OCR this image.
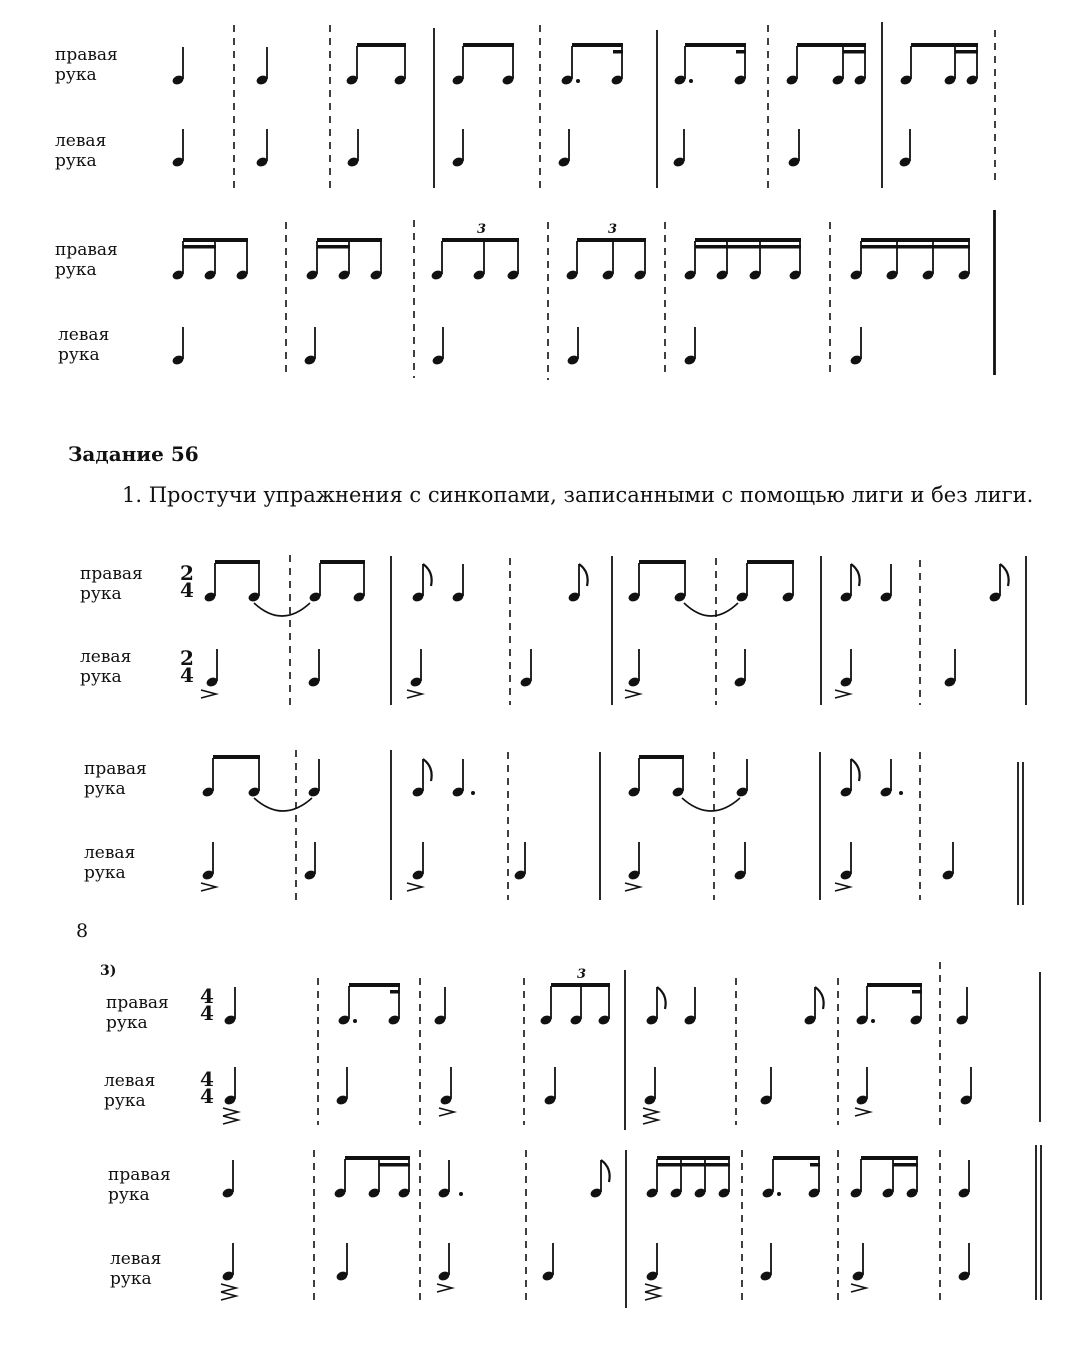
правая
рука
левая
рука
правая
рука
левая
рука
Задание 56
1. Простучи упражнения с синкопами, записанными с помощью лиги и без лиги.
правая
рука
левая
рука
правая
рука
левая
рука
8
3)
правая
рука
левая
рука
правая
рука
левая
рука
3	3
2
4
2
4
4
4
4
4
3
